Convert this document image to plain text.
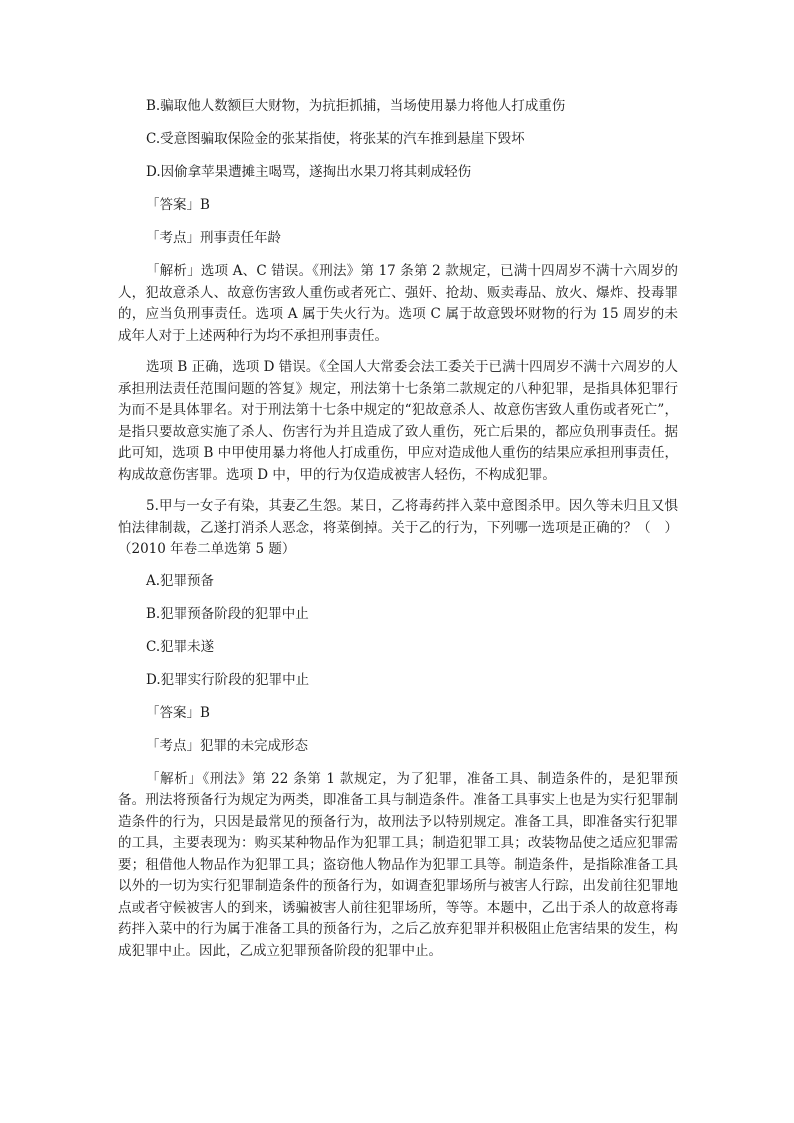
B.骗取他人数额巨大财物，为抗拒抓捕，当场使用暴力将他人打成重伤

C.受意图骗取保险金的张某指使，将张某的汽车推到悬崖下毁坏

D.因偷拿苹果遭摊主喝骂，遂掏出水果刀将其刺成轻伤

「答案」B

「考点」刑事责任年龄

「解析」选项 A、C 错误。《刑法》第 17 条第 2 款规定，已满十四周岁不满十六周岁的人，犯故意杀人、故意伤害致人重伤或者死亡、强奸、抢劫、贩卖毒品、放火、爆炸、投毒罪的，应当负刑事责任。选项 A 属于失火行为。选项 C 属于故意毁坏财物的行为 15 周岁的未成年人对于上述两种行为均不承担刑事责任。

选项 B 正确，选项 D 错误。《全国人大常委会法工委关于已满十四周岁不满十六周岁的人承担刑法责任范围问题的答复》规定，刑法第十七条第二款规定的八种犯罪，是指具体犯罪行为而不是具体罪名。对于刑法第十七条中规定的“犯故意杀人、故意伤害致人重伤或者死亡”，是指只要故意实施了杀人、伤害行为并且造成了致人重伤，死亡后果的，都应负刑事责任。据此可知，选项 B 中甲使用暴力将他人打成重伤，甲应对造成他人重伤的结果应承担刑事责任，构成故意伤害罪。选项 D 中，甲的行为仅造成被害人轻伤，不构成犯罪。

5.甲与一女子有染，其妻乙生怨。某日，乙将毒药拌入菜中意图杀甲。因久等未归且又惧怕法律制裁，乙遂打消杀人恶念，将菜倒掉。关于乙的行为，下列哪一选项是正确的？（　）（2010 年卷二单选第 5 题）

A.犯罪预备

B.犯罪预备阶段的犯罪中止

C.犯罪未遂

D.犯罪实行阶段的犯罪中止

「答案」B

「考点」犯罪的未完成形态

「解析」《刑法》第 22 条第 1 款规定，为了犯罪，准备工具、制造条件的，是犯罪预备。刑法将预备行为规定为两类，即准备工具与制造条件。准备工具事实上也是为实行犯罪制造条件的行为，只因是最常见的预备行为，故刑法予以特别规定。准备工具，即准备实行犯罪的工具，主要表现为：购买某种物品作为犯罪工具；制造犯罪工具；改装物品使之适应犯罪需要；租借他人物品作为犯罪工具；盗窃他人物品作为犯罪工具等。制造条件，是指除准备工具以外的一切为实行犯罪制造条件的预备行为，如调查犯罪场所与被害人行踪，出发前往犯罪地点或者守候被害人的到来，诱骗被害人前往犯罪场所，等等。本题中，乙出于杀人的故意将毒药拌入菜中的行为属于准备工具的预备行为，之后乙放弃犯罪并积极阻止危害结果的发生，构成犯罪中止。因此，乙成立犯罪预备阶段的犯罪中止。
